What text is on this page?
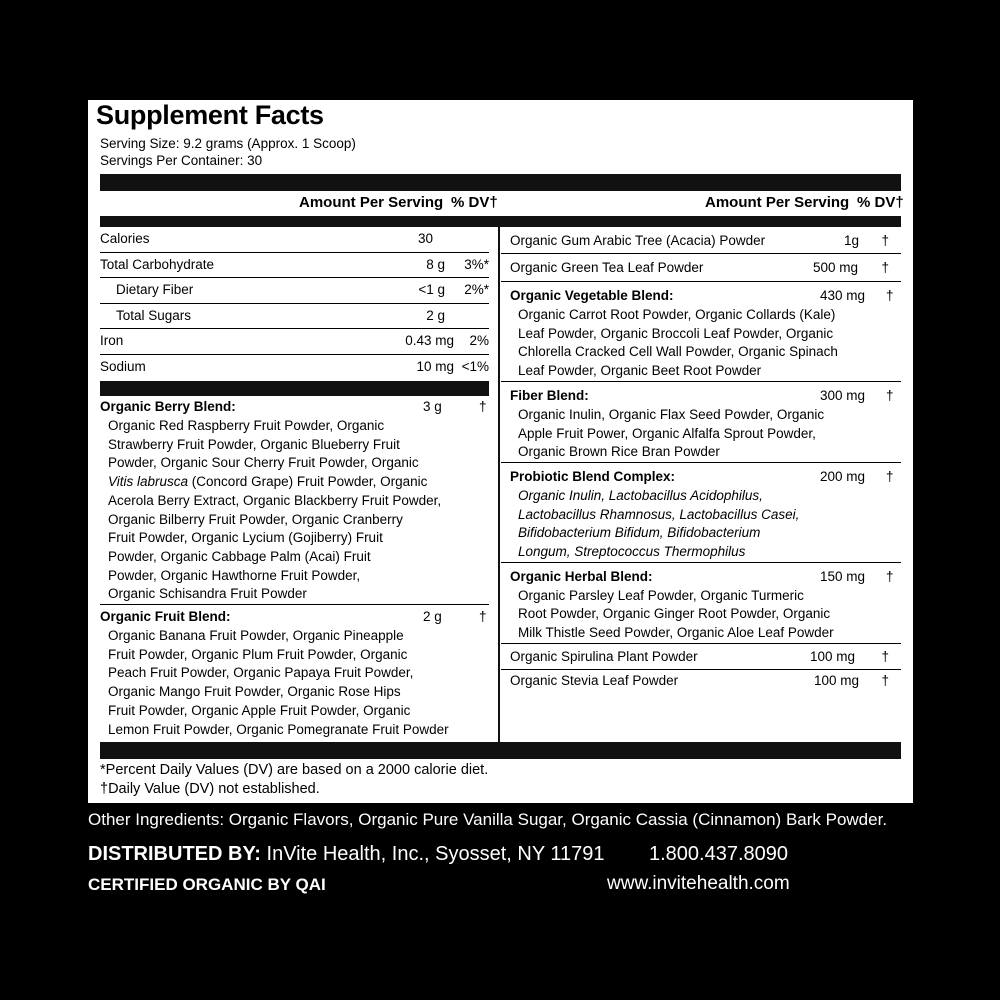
Supplement Facts
Serving Size: 9.2 grams (Approx. 1 Scoop)
Servings Per Container: 30
Amount Per Serving % DV†	Amount Per Serving % DV†
Calories	30
Total Carbohydrate	8 g 3%*
Dietary Fiber	<1 g 2%*
Total Sugars	2 g
Iron	0.43 mg 2%
Sodium	10 mg <1%
Organic Berry Blend:	3 g	†
Organic Red Raspberry Fruit Powder, Organic
Strawberry Fruit Powder, Organic Blueberry Fruit
Powder, Organic Sour Cherry Fruit Powder, Organic
Vitis labrusca (Concord Grape) Fruit Powder, Organic
Acerola Berry Extract, Organic Blackberry Fruit Powder,
Organic Bilberry Fruit Powder, Organic Cranberry
Fruit Powder, Organic Lycium (Gojiberry) Fruit
Powder, Organic Cabbage Palm (Acai) Fruit
Powder, Organic Hawthorne Fruit Powder,
Organic Schisandra Fruit Powder
Organic Fruit Blend:	2 g	†
Organic Banana Fruit Powder, Organic Pineapple
Fruit Powder, Organic Plum Fruit Powder, Organic
Peach Fruit Powder, Organic Papaya Fruit Powder,
Organic Mango Fruit Powder, Organic Rose Hips
Fruit Powder, Organic Apple Fruit Powder, Organic
Lemon Fruit Powder, Organic Pomegranate Fruit Powder
Organic Gum Arabic Tree (Acacia) Powder	1g †
Organic Green Tea Leaf Powder	500 mg †
Organic Vegetable Blend:	430 mg †
Organic Carrot Root Powder, Organic Collards (Kale)
Leaf Powder, Organic Broccoli Leaf Powder, Organic
Chlorella Cracked Cell Wall Powder, Organic Spinach
Leaf Powder, Organic Beet Root Powder
Fiber Blend:	300 mg †
Organic Inulin, Organic Flax Seed Powder, Organic
Apple Fruit Power, Organic Alfalfa Sprout Powder,
Organic Brown Rice Bran Powder
Probiotic Blend Complex:	200 mg †
Organic Inulin, Lactobacillus Acidophilus,
Lactobacillus Rhamnosus, Lactobacillus Casei,
Bifidobacterium Bifidum, Bifidobacterium
Longum, Streptococcus Thermophilus
Organic Herbal Blend:	150 mg †
Organic Parsley Leaf Powder, Organic Turmeric
Root Powder, Organic Ginger Root Powder, Organic
Milk Thistle Seed Powder, Organic Aloe Leaf Powder
Organic Spirulina Plant Powder	100 mg †
Organic Stevia Leaf Powder	100 mg †
*Percent Daily Values (DV) are based on a 2000 calorie diet.
†Daily Value (DV) not established.
Other Ingredients: Organic Flavors, Organic Pure Vanilla Sugar, Organic Cassia (Cinnamon) Bark Powder.
DISTRIBUTED BY: InVite Health, Inc., Syosset, NY 11791 1.800.437.8090
CERTIFIED ORGANIC BY QAI	www.invitehealth.com
